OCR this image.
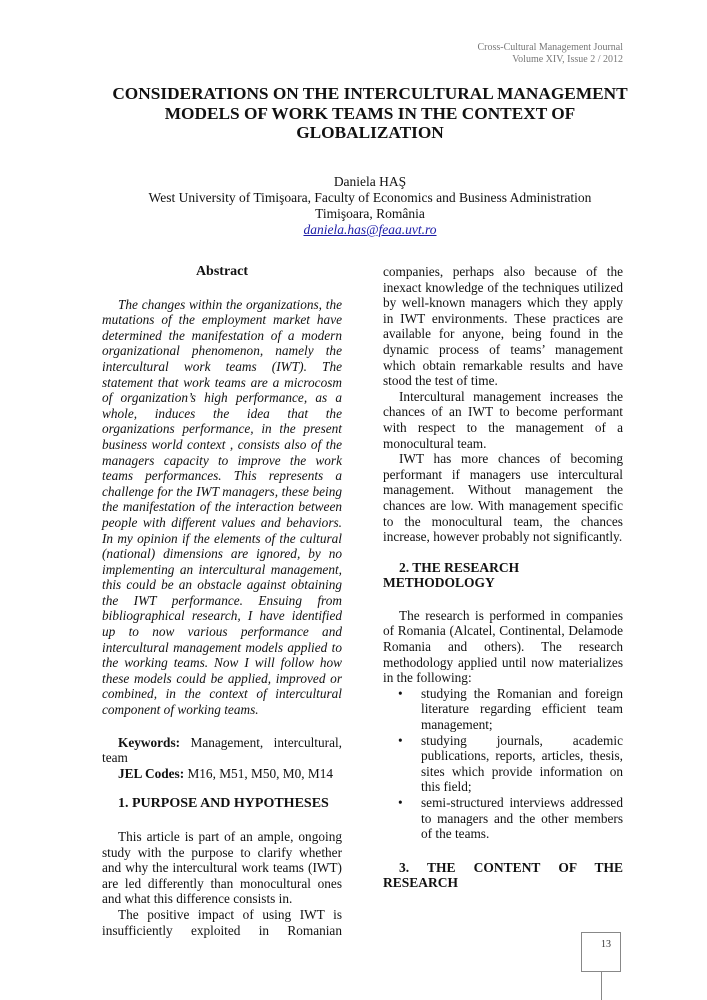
Cross-Cultural Management Journal
Volume XIV, Issue 2 / 2012
CONSIDERATIONS ON THE INTERCULTURAL MANAGEMENT
MODELS OF WORK TEAMS IN THE CONTEXT OF
GLOBALIZATION
Daniela HAŞ
West University of Timişoara, Faculty of Economics and Business Administration
Timişoara, România
daniela.has@feaa.uvt.ro
Abstract

The changes within the organizations, the mutations of the employment market have determined the manifestation of a modern organizational phenomenon, namely the intercultural work teams (IWT). The statement that work teams are a microcosm of organization’s high performance, as a whole, induces the idea that the organizations performance, in the present business world context , consists also of the managers capacity to improve the work teams performances. This represents a challenge for the IWT managers, these being the manifestation of the interaction between people with different values and behaviors. In my opinion if the elements of the cultural (national) dimensions are ignored, by no implementing an intercultural management, this could be an obstacle against obtaining the IWT performance. Ensuing from bibliographical research, I have identified up to now various performance and intercultural management models applied to the working teams. Now I will follow how these models could be applied, improved or combined, in the context of intercultural component of working teams.

Keywords: Management, intercultural, team

JEL Codes: M16, M51, M50, M0, M14

1. PURPOSE AND HYPOTHESES

This article is part of an ample, ongoing study with the purpose to clarify whether and why the intercultural work teams (IWT) are led differently than monocultural ones and what this difference consists in.

The positive impact of using IWT is insufficiently exploited in Romanian

companies, perhaps also because of the inexact knowledge of the techniques utilized by well-known managers which they apply in IWT environments. These practices are available for anyone, being found in the dynamic process of teams’ management which obtain remarkable results and have stood the test of time.

Intercultural management increases the chances of an IWT to become performant with respect to the management of a monocultural team.

IWT has more chances of becoming performant if managers use intercultural management. Without management the chances are low. With management specific to the monocultural team, the chances increase, however probably not significantly.

2. THE RESEARCH
METHODOLOGY

The research is performed in companies of Romania (Alcatel, Continental, Delamode Romania and others). The research methodology applied until now materializes in the following:

• studying the Romanian and foreign literature regarding efficient team management;
• studying journals, academic publications, reports, articles, thesis, sites which provide information on this field;
• semi-structured interviews addressed to managers and the other members of the teams.
3. THE CONTENT OF THE RESEARCH
13
